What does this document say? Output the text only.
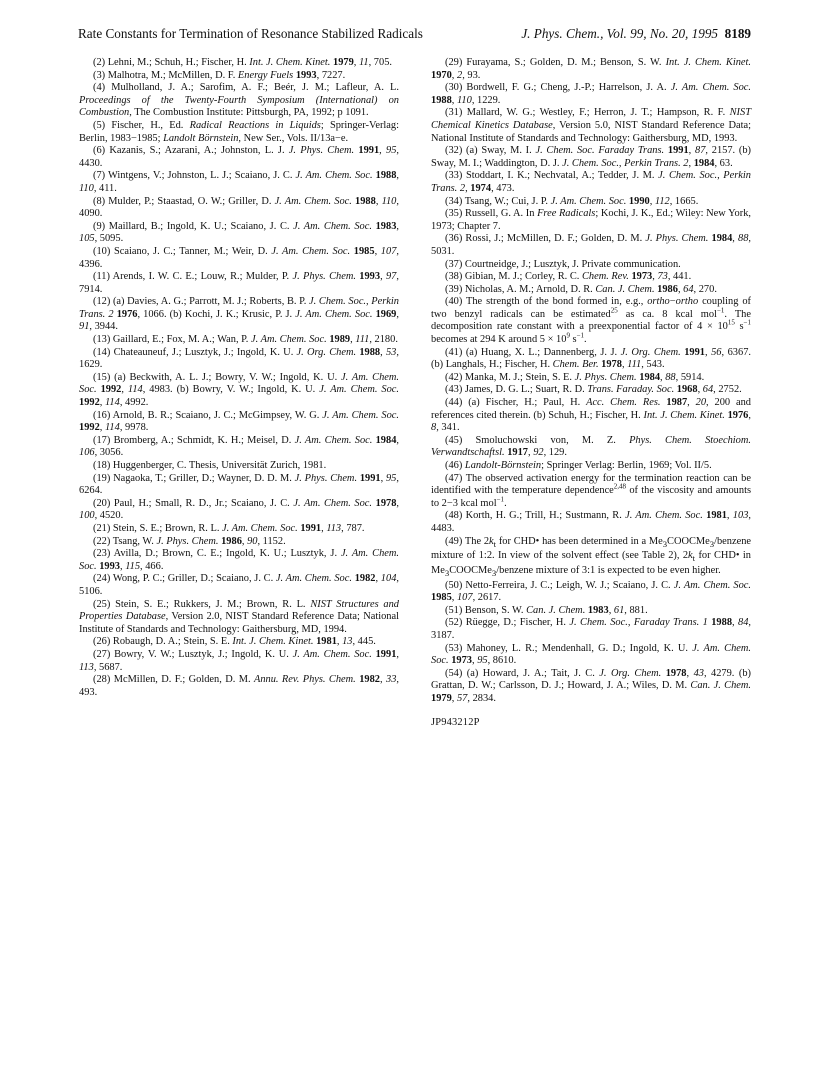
Rate Constants for Termination of Resonance Stabilized Radicals	J. Phys. Chem., Vol. 99, No. 20, 1995 8189

(2) Lehni, M.; Schuh, H.; Fischer, H. Int. J. Chem. Kinet. 1979, 11, 705.

(3) Malhotra, M.; McMillen, D. F. Energy Fuels 1993, 7227.

(4) Mulholland, J. A.; Sarofim, A. F.; Beér, J. M.; Lafleur, A. L. Proceedings of the Twenty-Fourth Symposium (International) on Combustion, The Combustion Institute: Pittsburgh, PA, 1992; p 1091.

(5) Fischer, H., Ed. Radical Reactions in Liquids; Springer-Verlag: Berlin, 1983−1985; Landolt Börnstein, New Ser., Vols. II/13a−e.

(6) Kazanis, S.; Azarani, A.; Johnston, L. J. J. Phys. Chem. 1991, 95, 4430.

(7) Wintgens, V.; Johnston, L. J.; Scaiano, J. C. J. Am. Chem. Soc. 1988, 110, 411.

(8) Mulder, P.; Staastad, O. W.; Griller, D. J. Am. Chem. Soc. 1988, 110, 4090.

(9) Maillard, B.; Ingold, K. U.; Scaiano, J. C. J. Am. Chem. Soc. 1983, 105, 5095.

(10) Scaiano, J. C.; Tanner, M.; Weir, D. J. Am. Chem. Soc. 1985, 107, 4396.

(11) Arends, I. W. C. E.; Louw, R.; Mulder, P. J. Phys. Chem. 1993, 97, 7914.

(12) (a) Davies, A. G.; Parrott, M. J.; Roberts, B. P. J. Chem. Soc., Perkin Trans. 2 1976, 1066. (b) Kochi, J. K.; Krusic, P. J. J. Am. Chem. Soc. 1969, 91, 3944.

(13) Gaillard, E.; Fox, M. A.; Wan, P. J. Am. Chem. Soc. 1989, 111, 2180.

(14) Chateauneuf, J.; Lusztyk, J.; Ingold, K. U. J. Org. Chem. 1988, 53, 1629.

(15) (a) Beckwith, A. L. J.; Bowry, V. W.; Ingold, K. U. J. Am. Chem. Soc. 1992, 114, 4983. (b) Bowry, V. W.; Ingold, K. U. J. Am. Chem. Soc. 1992, 114, 4992.

(16) Arnold, B. R.; Scaiano, J. C.; McGimpsey, W. G. J. Am. Chem. Soc. 1992, 114, 9978.

(17) Bromberg, A.; Schmidt, K. H.; Meisel, D. J. Am. Chem. Soc. 1984, 106, 3056.

(18) Huggenberger, C. Thesis, Universität Zurich, 1981.

(19) Nagaoka, T.; Griller, D.; Wayner, D. D. M. J. Phys. Chem. 1991, 95, 6264.

(20) Paul, H.; Small, R. D., Jr.; Scaiano, J. C. J. Am. Chem. Soc. 1978, 100, 4520.

(21) Stein, S. E.; Brown, R. L. J. Am. Chem. Soc. 1991, 113, 787.

(22) Tsang, W. J. Phys. Chem. 1986, 90, 1152.

(23) Avilla, D.; Brown, C. E.; Ingold, K. U.; Lusztyk, J. J. Am. Chem. Soc. 1993, 115, 466.

(24) Wong, P. C.; Griller, D.; Scaiano, J. C. J. Am. Chem. Soc. 1982, 104, 5106.

(25) Stein, S. E.; Rukkers, J. M.; Brown, R. L. NIST Structures and Properties Database, Version 2.0, NIST Standard Reference Data; National Institute of Standards and Technology: Gaithersburg, MD, 1994.

(26) Robaugh, D. A.; Stein, S. E. Int. J. Chem. Kinet. 1981, 13, 445.

(27) Bowry, V. W.; Lusztyk, J.; Ingold, K. U. J. Am. Chem. Soc. 1991, 113, 5687.

(28) McMillen, D. F.; Golden, D. M. Annu. Rev. Phys. Chem. 1982, 33, 493.

(29) Furayama, S.; Golden, D. M.; Benson, S. W. Int. J. Chem. Kinet. 1970, 2, 93.

(30) Bordwell, F. G.; Cheng, J.-P.; Harrelson, J. A. J. Am. Chem. Soc. 1988, 110, 1229.

(31) Mallard, W. G.; Westley, F.; Herron, J. T.; Hampson, R. F. NIST Chemical Kinetics Database, Version 5.0, NIST Standard Reference Data; National Institute of Standards and Technology: Gaithersburg, MD, 1993.

(32) (a) Sway, M. I. J. Chem. Soc. Faraday Trans. 1991, 87, 2157. (b) Sway, M. I.; Waddington, D. J. J. Chem. Soc., Perkin Trans. 2, 1984, 63.

(33) Stoddart, I. K.; Nechvatal, A.; Tedder, J. M. J. Chem. Soc., Perkin Trans. 2, 1974, 473.

(34) Tsang, W.; Cui, J. P. J. Am. Chem. Soc. 1990, 112, 1665.

(35) Russell, G. A. In Free Radicals; Kochi, J. K., Ed.; Wiley: New York, 1973; Chapter 7.

(36) Rossi, J.; McMillen, D. F.; Golden, D. M. J. Phys. Chem. 1984, 88, 5031.

(37) Courtneidge, J.; Lusztyk, J. Private communication.

(38) Gibian, M. J.; Corley, R. C. Chem. Rev. 1973, 73, 441.

(39) Nicholas, A. M.; Arnold, D. R. Can. J. Chem. 1986, 64, 270.

(40) The strength of the bond formed in, e.g., ortho−ortho coupling of two benzyl radicals can be estimated$^{25}$ as ca. 8 kcal mol$^{-1}$. The decomposition rate constant with a preexponential factor of $4 \times 10^{15}$ $s^{-1}$ becomes at 294 K around $5 \times 10^9$ $s^{-1}$.

(41) (a) Huang, X. L.; Dannenberg, J. J. J. Org. Chem. 1991, 56, 6367. (b) Langhals, H.; Fischer, H. Chem. Ber. 1978, 111, 543.

(42) Manka, M. J.; Stein, S. E. J. Phys. Chem. 1984, 88, 5914.

(43) James, D. G. L.; Suart, R. D. Trans. Faraday. Soc. 1968, 64, 2752.

(44) (a) Fischer, H.; Paul, H. Acc. Chem. Res. 1987, 20, 200 and references cited therein. (b) Schuh, H.; Fischer, H. Int. J. Chem. Kinet. 1976, 8, 341.

(45) Smoluchowski von, M. Z. Phys. Chem. Stoechiom. Verwandtschaftsl. 1917, 92, 129.

(46) Landolt-Börnstein; Springer Verlag: Berlin, 1969; Vol. II/5.

(47) The observed activation energy for the termination reaction can be identified with the temperature dependence$^{2,48}$ of the viscosity and amounts to 2−3 kcal mol$^{-1}$.

(48) Korth, H. G.; Trill, H.; Sustmann, R. J. Am. Chem. Soc. 1981, 103, 4483.

(49) The $2k_t$ for CHD• has been determined in a $Me_3COOCMe_3$/benzene mixture of 1:2. In view of the solvent effect (see Table 2), $2k_t$ for CHD• in $Me_3COOCMe_3$/benzene mixture of 3:1 is expected to be even higher.

(50) Netto-Ferreira, J. C.; Leigh, W. J.; Scaiano, J. C. J. Am. Chem. Soc. 1985, 107, 2617.

(51) Benson, S. W. Can. J. Chem. 1983, 61, 881.

(52) Rüegge, D.; Fischer, H. J. Chem. Soc., Faraday Trans. 1 1988, 84, 3187.

(53) Mahoney, L. R.; Mendenhall, G. D.; Ingold, K. U. J. Am. Chem. Soc. 1973, 95, 8610.

(54) (a) Howard, J. A.; Tait, J. C. J. Org. Chem. 1978, 43, 4279. (b) Grattan, D. W.; Carlsson, D. J.; Howard, J. A.; Wiles, D. M. Can. J. Chem. 1979, 57, 2834.

JP943212P
